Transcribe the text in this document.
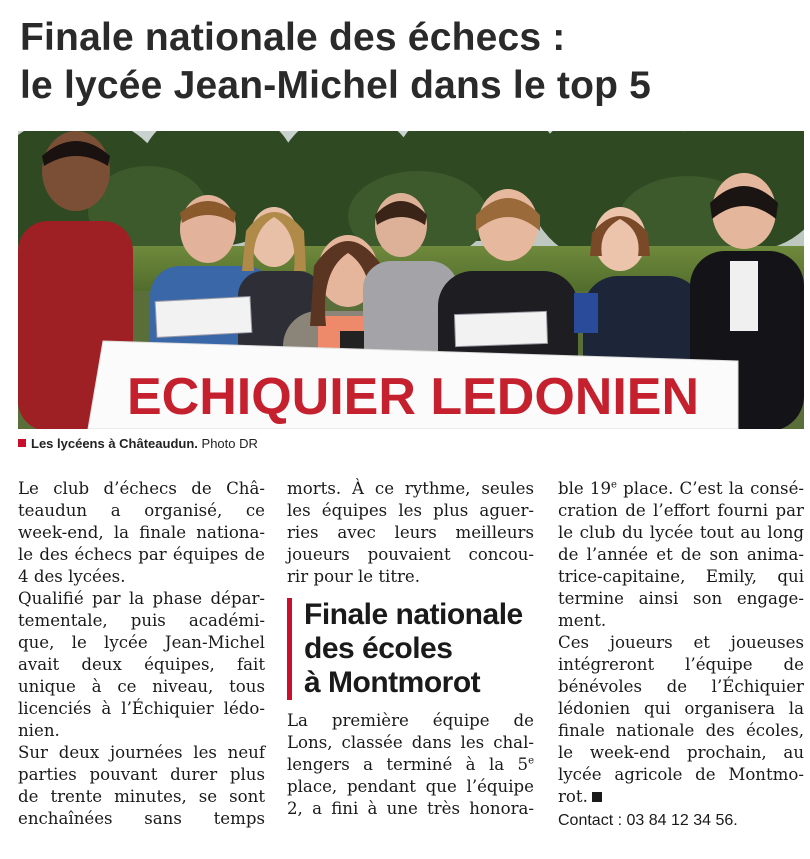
Finale nationale des échecs :
le lycée Jean-Michel dans le top 5
ECHIQUIER LEDONIEN
Les lycéens à Châteaudun. Photo DR

Le club d’échecs de Châ-
teaudun a organisé, ce
week-end, la finale nationa-
le des échecs par équipes de
4 des lycées.

Qualifié par la phase dépar-
tementale, puis académi-
que, le lycée Jean-Michel
avait deux équipes, fait
unique à ce niveau, tous
licenciés à l’Échiquier lédo-
nien.

Sur deux journées les neuf
parties pouvant durer plus
de trente minutes, se sont
enchaînées sans temps

morts. À ce rythme, seules
les équipes les plus aguer-
ries avec leurs meilleurs
joueurs pouvaient concou-
rir pour le titre.

Finale nationale
des écoles
à Montmorot

La première équipe de
Lons, classée dans les chal-
lengers a terminé à la 5e
place, pendant que l’équipe
2, a fini à une très honora-

ble 19e place. C’est la consé-
cration de l’effort fourni par
le club du lycée tout au long
de l’année et de son anima-
trice-capitaine, Emily, qui
termine ainsi son engage-
ment.

Ces joueurs et joueuses
intégreront l’équipe de
bénévoles de l’Échiquier
lédonien qui organisera la
finale nationale des écoles,
le week-end prochain, au
lycée agricole de Montmo-
rot.

Contact : 03 84 12 34 56.
